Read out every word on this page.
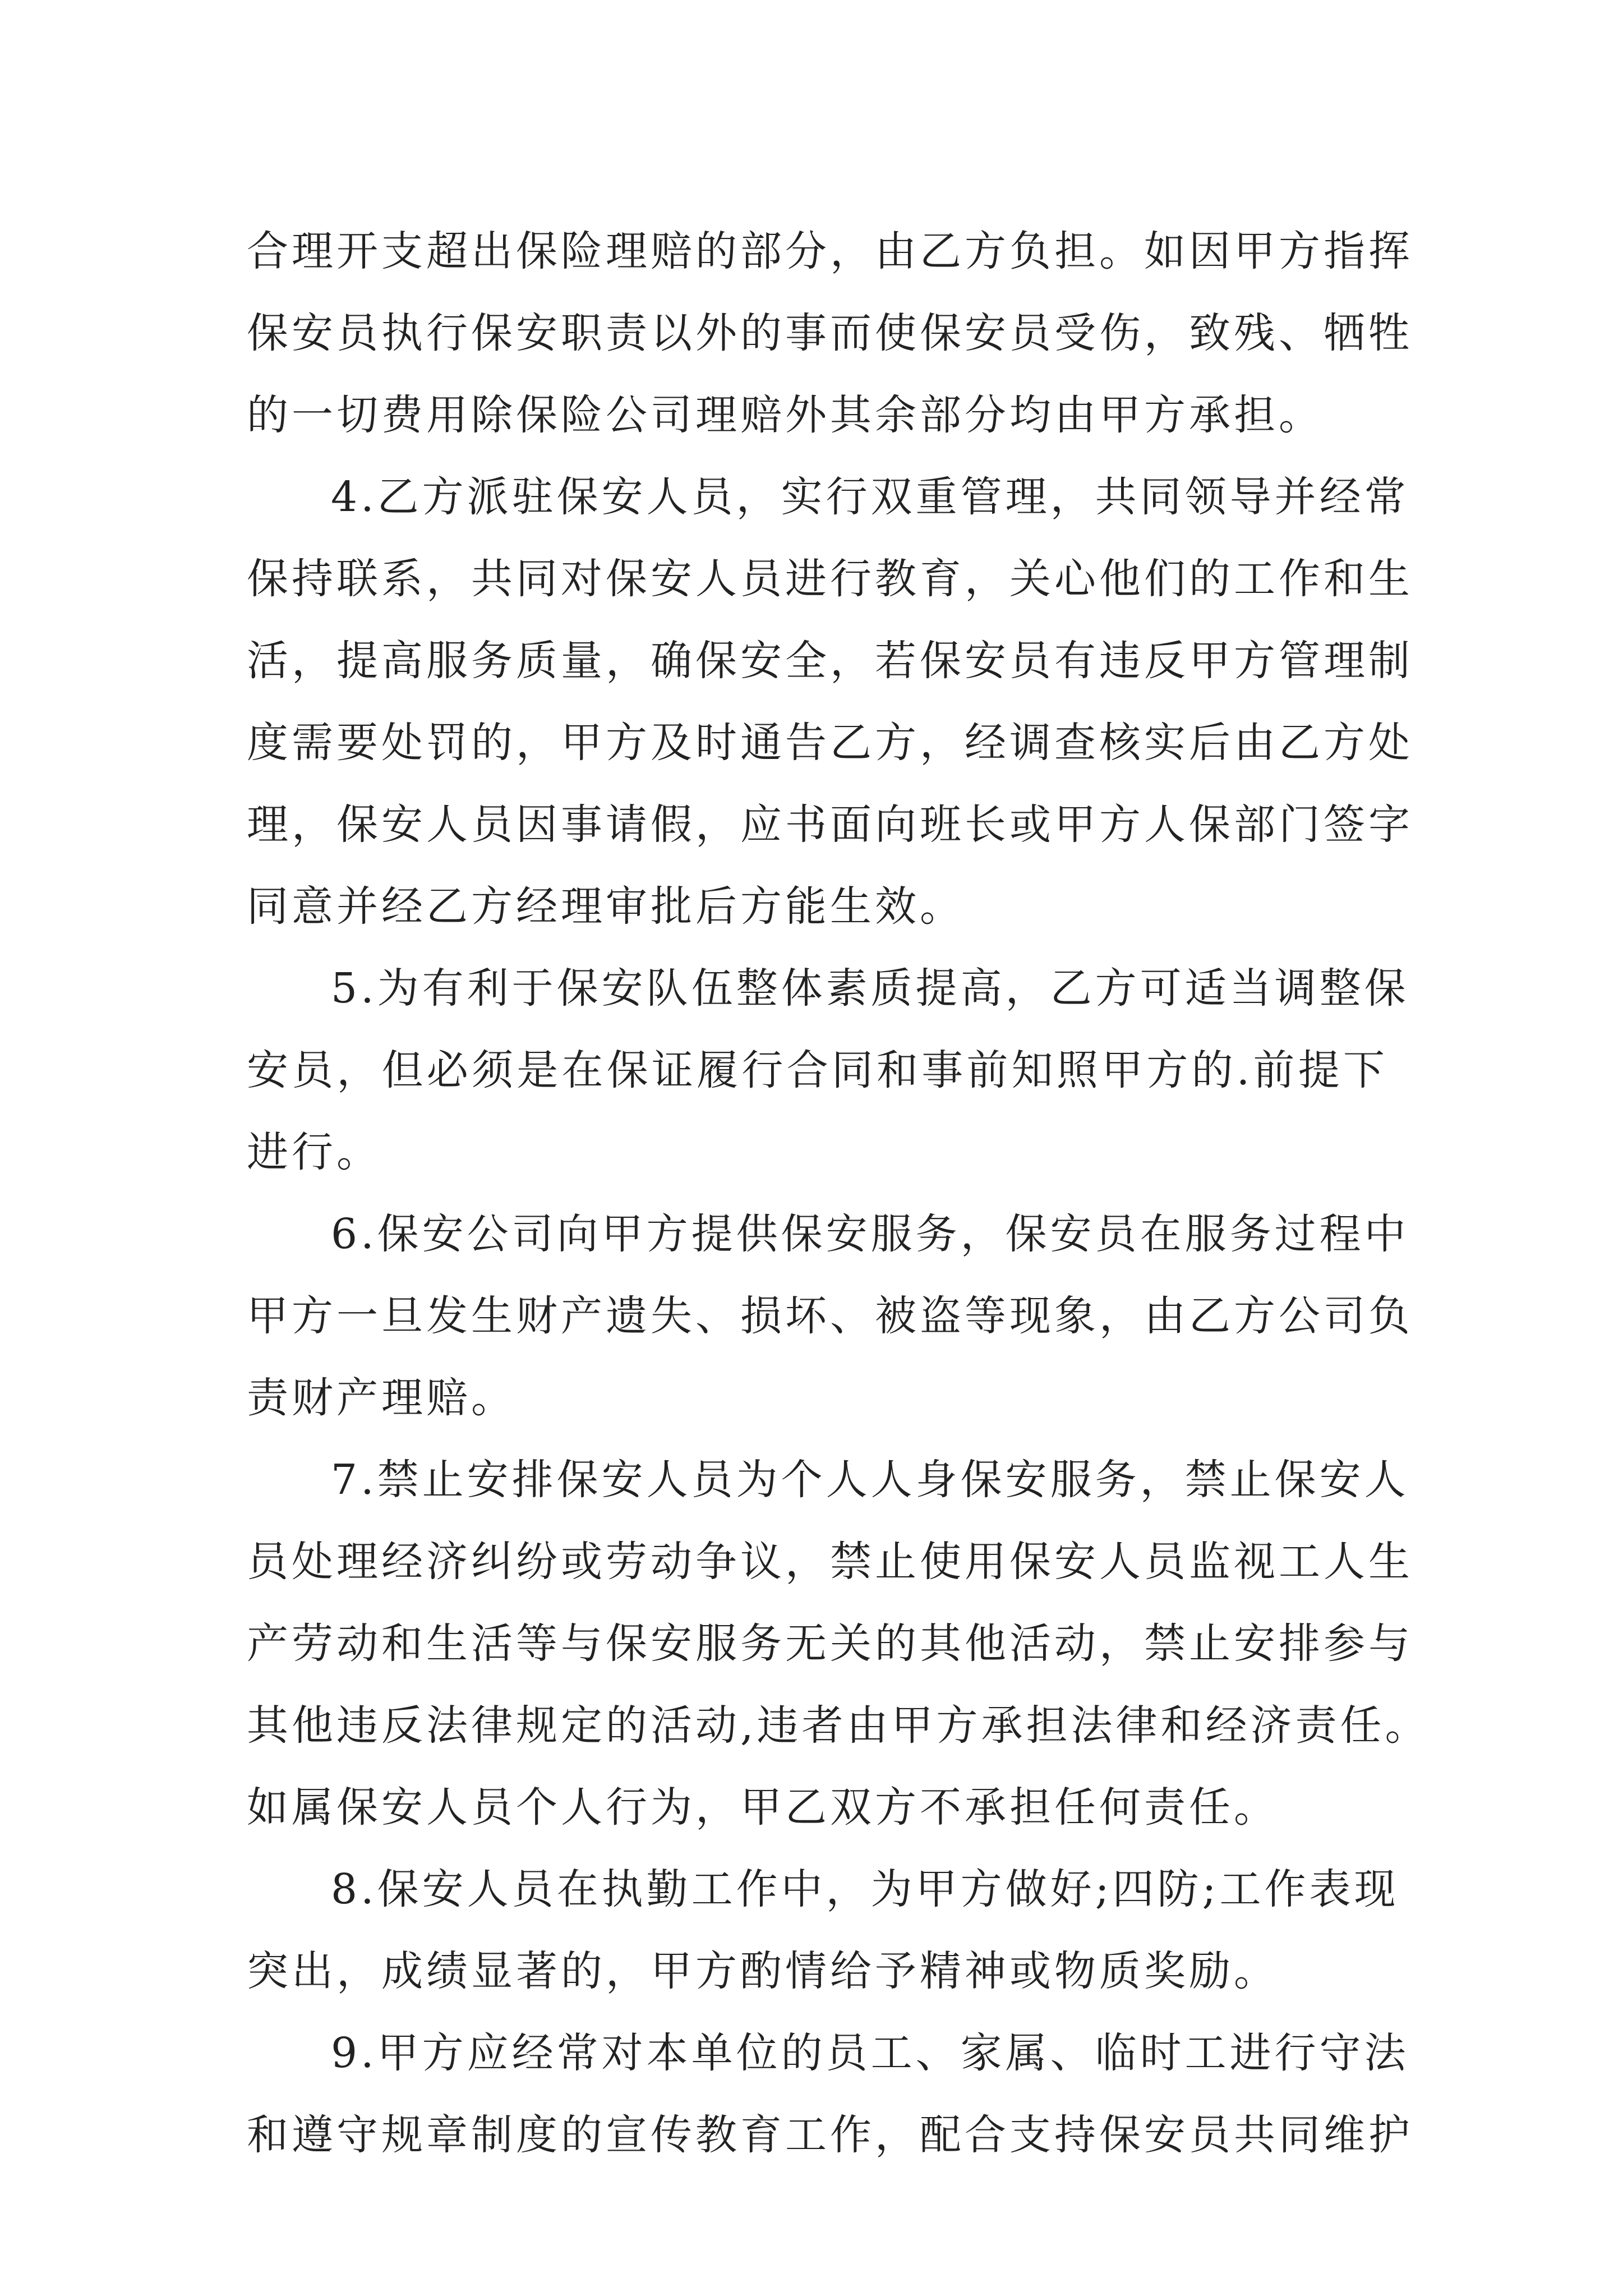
合理开支超出保险理赔的部分，由乙方负担。如因甲方指挥
保安员执行保安职责以外的事而使保安员受伤，致残、牺牲
的一切费用除保险公司理赔外其余部分均由甲方承担。
4.乙方派驻保安人员，实行双重管理，共同领导并经常
保持联系，共同对保安人员进行教育，关心他们的工作和生
活，提高服务质量，确保安全，若保安员有违反甲方管理制
度需要处罚的，甲方及时通告乙方，经调查核实后由乙方处
理，保安人员因事请假，应书面向班长或甲方人保部门签字
同意并经乙方经理审批后方能生效。
5.为有利于保安队伍整体素质提高，乙方可适当调整保
安员，但必须是在保证履行合同和事前知照甲方的.前提下
进行。
6.保安公司向甲方提供保安服务，保安员在服务过程中
甲方一旦发生财产遗失、损坏、被盗等现象，由乙方公司负
责财产理赔。
7.禁止安排保安人员为个人人身保安服务，禁止保安人
员处理经济纠纷或劳动争议，禁止使用保安人员监视工人生
产劳动和生活等与保安服务无关的其他活动，禁止安排参与
其他违反法律规定的活动,违者由甲方承担法律和经济责任。
如属保安人员个人行为，甲乙双方不承担任何责任。
8.保安人员在执勤工作中，为甲方做好;四防;工作表现
突出，成绩显著的，甲方酌情给予精神或物质奖励。
9.甲方应经常对本单位的员工、家属、临时工进行守法
和遵守规章制度的宣传教育工作，配合支持保安员共同维护
